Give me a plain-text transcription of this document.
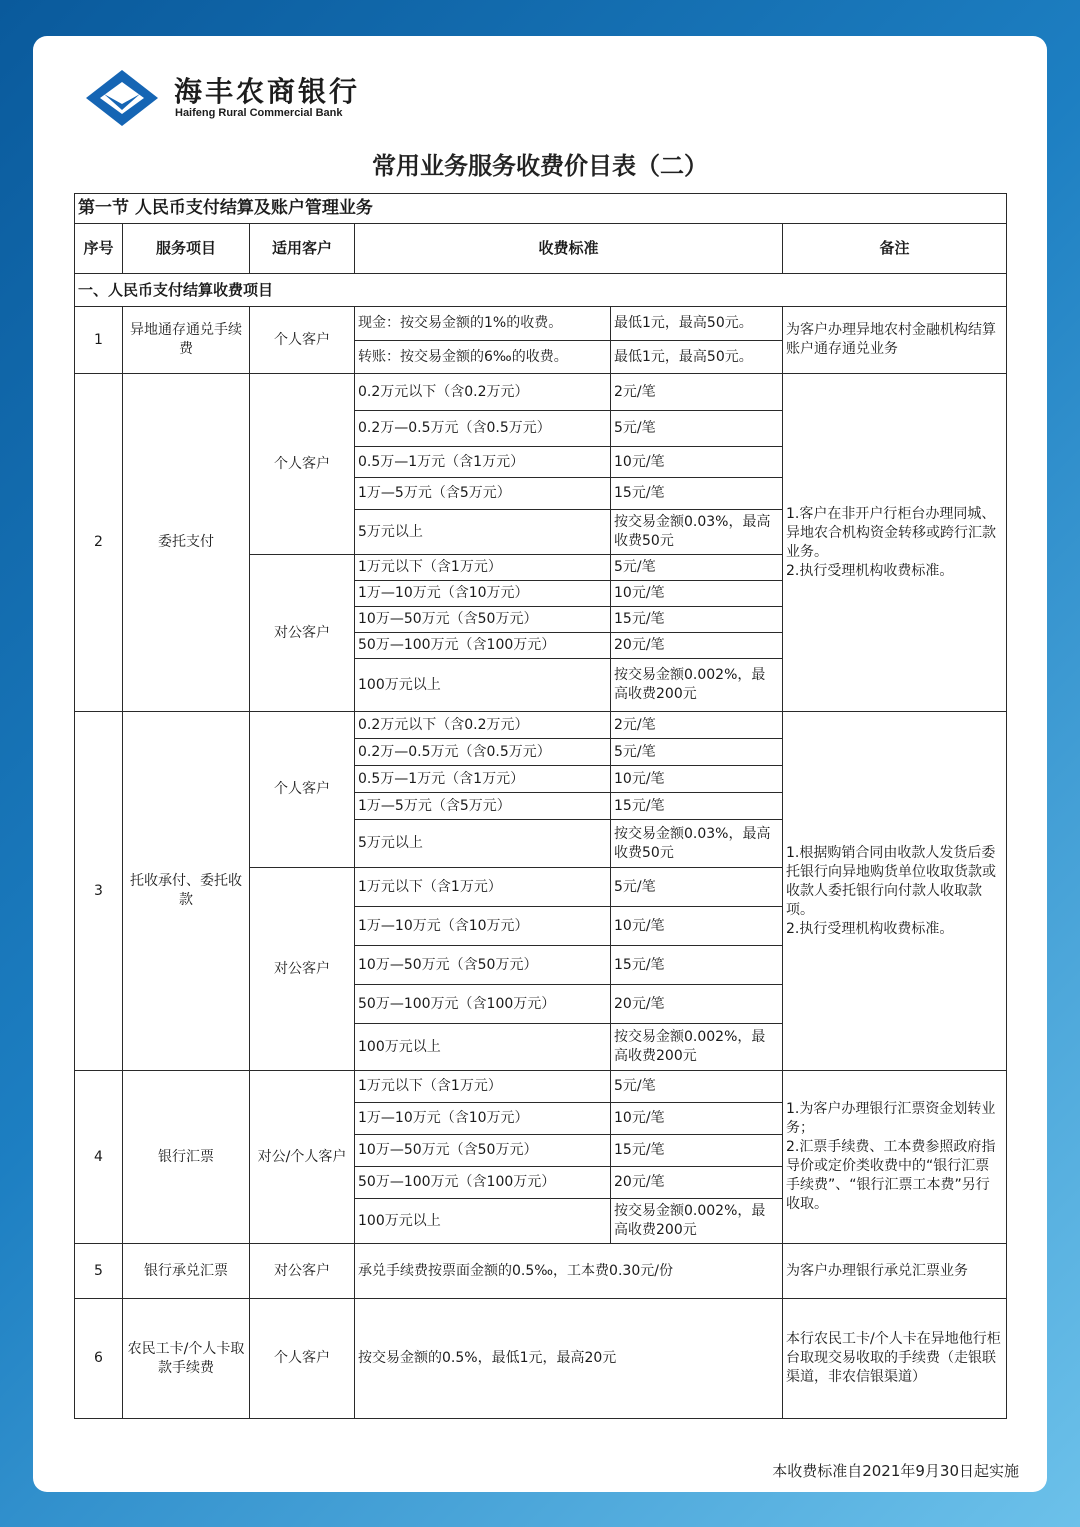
海丰农商银行
Haifeng Rural Commercial Bank
常用业务服务收费价目表（二）
第一节 人民币支付结算及账户管理业务					
序号	服务项目	适用客户	收费标准		备注
一、人民币支付结算收费项目					
1	异地通存通兑手续费	个人客户	现金：按交易金额的1%的收费。	最低1元，最高50元。	为客户办理异地农村金融机构结算账户通存通兑业务
			转账：按交易金额的6‰的收费。	最低1元，最高50元。	
2	委托支付	个人客户	0.2万元以下（含0.2万元）	2元/笔	1.客户在非开户行柜台办理同城、异地农合机构资金转移或跨行汇款业务。
2.执行受理机构收费标准。
			0.2万—0.5万元（含0.5万元）	5元/笔	
			0.5万—1万元（含1万元）	10元/笔	
			1万—5万元（含5万元）	15元/笔	
			5万元以上	按交易金额0.03%，最高收费50元	
		对公客户	1万元以下（含1万元）	5元/笔	
			1万—10万元（含10万元）	10元/笔	
			10万—50万元（含50万元）	15元/笔	
			50万—100万元（含100万元）	20元/笔	
			100万元以上	按交易金额0.002%，最高收费200元	
3	托收承付、委托收款	个人客户	0.2万元以下（含0.2万元）	2元/笔	1.根据购销合同由收款人发货后委托银行向异地购货单位收取货款或收款人委托银行向付款人收取款项。
2.执行受理机构收费标准。
			0.2万—0.5万元（含0.5万元）	5元/笔	
			0.5万—1万元（含1万元）	10元/笔	
			1万—5万元（含5万元）	15元/笔	
			5万元以上	按交易金额0.03%，最高收费50元	
		对公客户	1万元以下（含1万元）	5元/笔	
			1万—10万元（含10万元）	10元/笔	
			10万—50万元（含50万元）	15元/笔	
			50万—100万元（含100万元）	20元/笔	
			100万元以上	按交易金额0.002%，最高收费200元	
4	银行汇票	对公/个人客户	1万元以下（含1万元）	5元/笔	1.为客户办理银行汇票资金划转业务；
2.汇票手续费、工本费参照政府指导价或定价类收费中的“银行汇票手续费”、“银行汇票工本费”另行收取。
			1万—10万元（含10万元）	10元/笔	
			10万—50万元（含50万元）	15元/笔	
			50万—100万元（含100万元）	20元/笔	
			100万元以上	按交易金额0.002%，最高收费200元	
5	银行承兑汇票	对公客户	承兑手续费按票面金额的0.5‰，工本费0.30元/份		为客户办理银行承兑汇票业务
6	农民工卡/个人卡取款手续费	个人客户	按交易金额的0.5%，最低1元，最高20元		本行农民工卡/个人卡在异地他行柜台取现交易收取的手续费（走银联渠道，非农信银渠道）
本收费标准自2021年9月30日起实施
